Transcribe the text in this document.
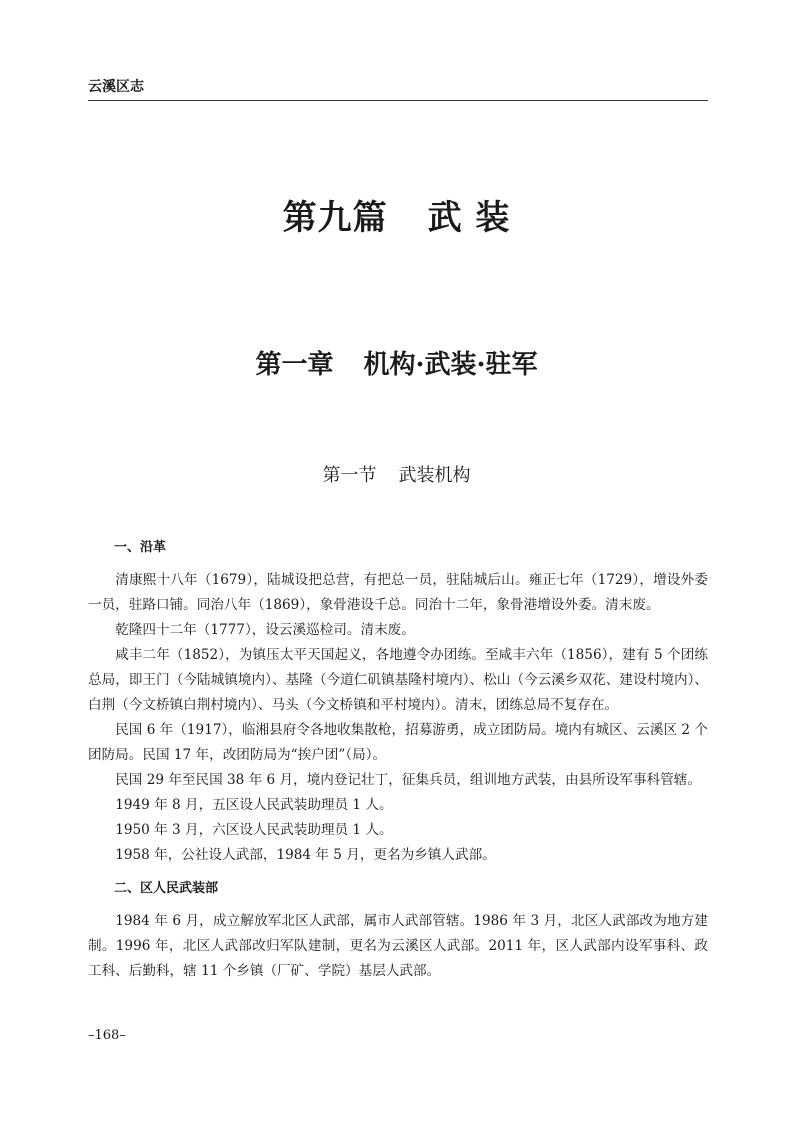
云溪区志
第九篇 武 装
第一章 机构·武装·驻军
第一节 武装机构
一、沿革

清康熙十八年（1679），陆城设把总营，有把总一员，驻陆城后山。雍正七年（1729），增设外委一员，驻路口铺。同治八年（1869），象骨港设千总。同治十二年，象骨港增设外委。清末废。

乾隆四十二年（1777），设云溪巡检司。清末废。

咸丰二年（1852），为镇压太平天国起义，各地遵令办团练。至咸丰六年（1856），建有 5 个团练总局，即王门（今陆城镇境内）、基隆（今道仁矶镇基隆村境内）、松山（今云溪乡双花、建设村境内）、白荆（今文桥镇白荆村境内）、马头（今文桥镇和平村境内）。清末，团练总局不复存在。

民国 6 年（1917），临湘县府令各地收集散枪，招募游勇，成立团防局。境内有城区、云溪区 2 个团防局。民国 17 年，改团防局为“挨户团”（局）。

民国 29 年至民国 38 年 6 月，境内登记壮丁，征集兵员，组训地方武装，由县所设军事科管辖。

1949 年 8 月，五区设人民武装助理员 1 人。

1950 年 3 月，六区设人民武装助理员 1 人。

1958 年，公社设人武部，1984 年 5 月，更名为乡镇人武部。

二、区人民武装部

1984 年 6 月，成立解放军北区人武部，属市人武部管辖。1986 年 3 月，北区人武部改为地方建制。1996 年，北区人武部改归军队建制，更名为云溪区人武部。2011 年，区人武部内设军事科、政工科、后勤科，辖 11 个乡镇（厂矿、学院）基层人武部。

–168–
